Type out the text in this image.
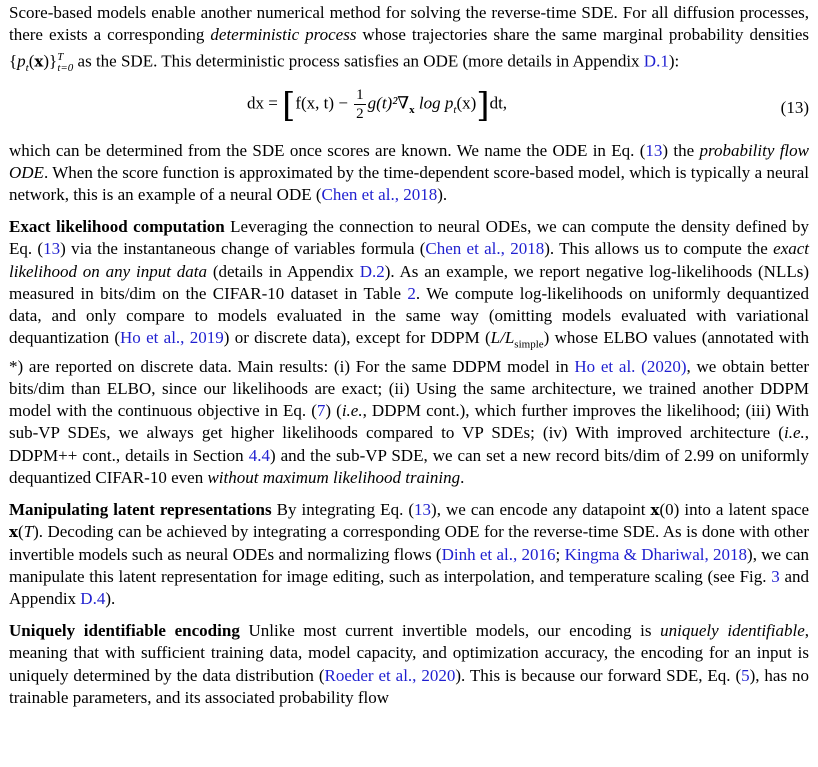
Score-based models enable another numerical method for solving the reverse-time SDE. For all diffusion processes, there exists a corresponding deterministic process whose trajectories share the same marginal probability densities $\{p_t(x)\}^T_{t=0}$ as the SDE. This deterministic process satisfies an ODE (more details in Appendix D.1):

dx = [f(x, $t) - \frac{1}{2} g(t)^2\nabla_x$ $\log p_t(x)]dt$,	(13)

which can be determined from the SDE once scores are known. We name the ODE in Eq. (13) the probability flow ODE. When the score function is approximated by the time-dependent score-based model, which is typically a neural network, this is an example of a neural ODE (Chen et al., 2018).

Exact likelihood computation Leveraging the connection to neural ODEs, we can compute the density defined by Eq. (13) via the instantaneous change of variables formula (Chen et al., 2018). This allows us to compute the exact likelihood on any input data (details in Appendix D.2). As an example, we report negative log-likelihoods (NLLs) measured in bits/dim on the CIFAR-10 dataset in Table 2. We compute log-likelihoods on uniformly dequantized data, and only compare to models evaluated in the same way (omitting models evaluated with variational dequantization (Ho et al., 2019) or discrete data), except for DDPM $(L/L_{simple})$ whose ELBO values (annotated with *) are reported on discrete data. Main results: (i) For the same DDPM model in Ho et al. (2020), we obtain better bits/dim than ELBO, since our likelihoods are exact; (ii) Using the same architecture, we trained another DDPM model with the continuous objective in Eq. (7) (i.e., DDPM cont.), which further improves the likelihood; (iii) With sub-VP SDEs, we always get higher likelihoods compared to VP SDEs; (iv) With improved architecture (i.e., DDPM++ cont., details in Section 4.4) and the sub-VP SDE, we can set a new record bits/dim of 2.99 on uniformly dequantized CIFAR-10 even without maximum likelihood training.

Manipulating latent representations By integrating Eq. (13), we can encode any datapoint x(0) into a latent space x(T). Decoding can be achieved by integrating a corresponding ODE for the reverse-time SDE. As is done with other invertible models such as neural ODEs and normalizing flows (Dinh et al., 2016; Kingma & Dhariwal, 2018), we can manipulate this latent representation for image editing, such as interpolation, and temperature scaling (see Fig. 3 and Appendix D.4).

Uniquely identifiable encoding Unlike most current invertible models, our encoding is uniquely identifiable, meaning that with sufficient training data, model capacity, and optimization accuracy, the encoding for an input is uniquely determined by the data distribution (Roeder et al., 2020). This is because our forward SDE, Eq. (5), has no trainable parameters, and its associated probability flow
